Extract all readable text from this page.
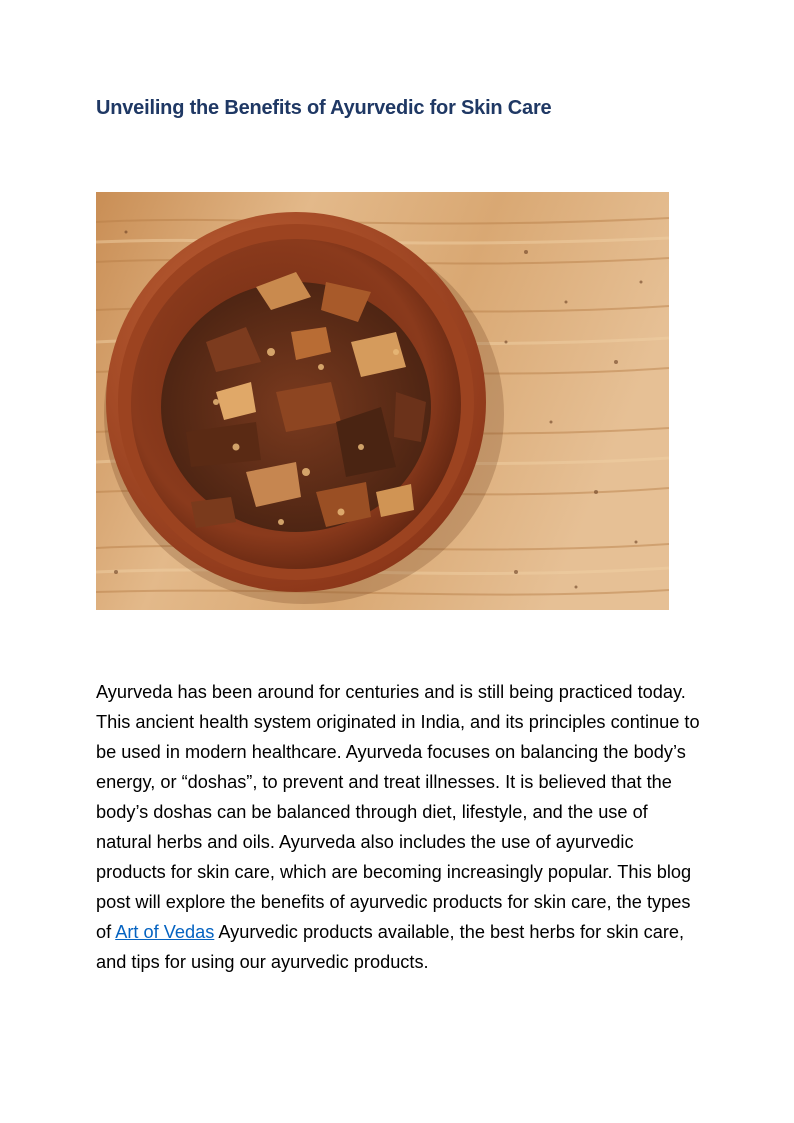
Unveiling the Benefits of Ayurvedic for Skin Care

Ayurveda has been around for centuries and is still being practiced today. This ancient health system originated in India, and its principles continue to be used in modern healthcare. Ayurveda focuses on balancing the body’s energy, or “doshas”, to prevent and treat illnesses. It is believed that the body’s doshas can be balanced through diet, lifestyle, and the use of natural herbs and oils. Ayurveda also includes the use of ayurvedic products for skin care, which are becoming increasingly popular. This blog post will explore the benefits of ayurvedic products for skin care, the types of Art of Vedas Ayurvedic products available, the best herbs for skin care, and tips for using our ayurvedic products.
